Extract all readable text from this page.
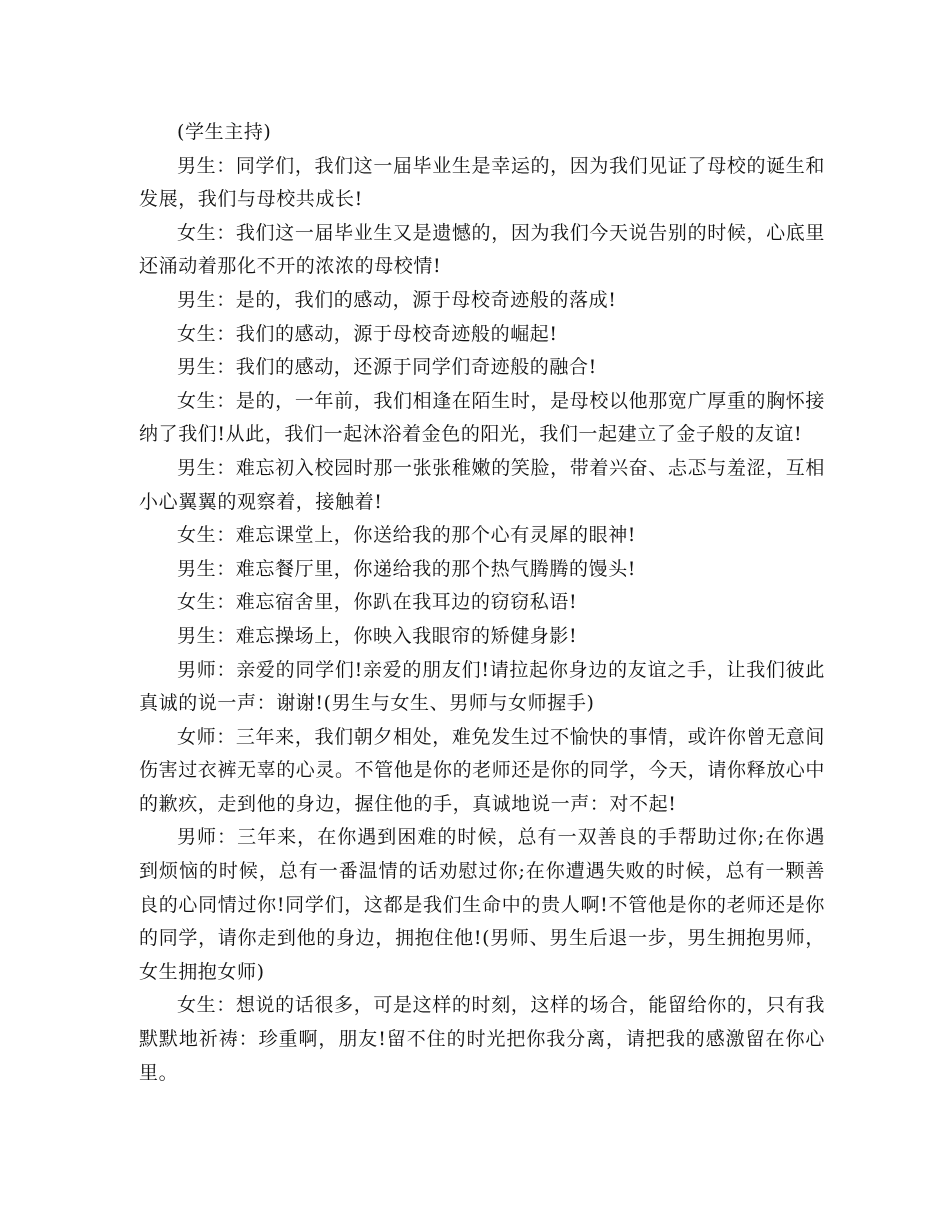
(学生主持)

男生：同学们，我们这一届毕业生是幸运的，因为我们见证了母校的诞生和发展，我们与母校共成长!

女生：我们这一届毕业生又是遗憾的，因为我们今天说告别的时候，心底里还涌动着那化不开的浓浓的母校情!

男生：是的，我们的感动，源于母校奇迹般的落成!

女生：我们的感动，源于母校奇迹般的崛起!

男生：我们的感动，还源于同学们奇迹般的融合!

女生：是的，一年前，我们相逢在陌生时，是母校以他那宽广厚重的胸怀接纳了我们!从此，我们一起沐浴着金色的阳光，我们一起建立了金子般的友谊!

男生：难忘初入校园时那一张张稚嫩的笑脸，带着兴奋、忐忑与羞涩，互相小心翼翼的观察着，接触着!

女生：难忘课堂上，你送给我的那个心有灵犀的眼神!

男生：难忘餐厅里，你递给我的那个热气腾腾的馒头!

女生：难忘宿舍里，你趴在我耳边的窃窃私语!

男生：难忘操场上，你映入我眼帘的矫健身影!

男师：亲爱的同学们!亲爱的朋友们!请拉起你身边的友谊之手，让我们彼此真诚的说一声：谢谢!(男生与女生、男师与女师握手)

女师：三年来，我们朝夕相处，难免发生过不愉快的事情，或许你曾无意间伤害过衣裤无辜的心灵。不管他是你的老师还是你的同学，今天，请你释放心中的歉疚，走到他的身边，握住他的手，真诚地说一声：对不起!

男师：三年来，在你遇到困难的时候，总有一双善良的手帮助过你;在你遇到烦恼的时候，总有一番温情的话劝慰过你;在你遭遇失败的时候，总有一颗善良的心同情过你!同学们，这都是我们生命中的贵人啊!不管他是你的老师还是你的同学，请你走到他的身边，拥抱住他!(男师、男生后退一步，男生拥抱男师，女生拥抱女师)

女生：想说的话很多，可是这样的时刻，这样的场合，能留给你的，只有我默默地祈祷：珍重啊，朋友!留不住的时光把你我分离，请把我的感激留在你心里。
